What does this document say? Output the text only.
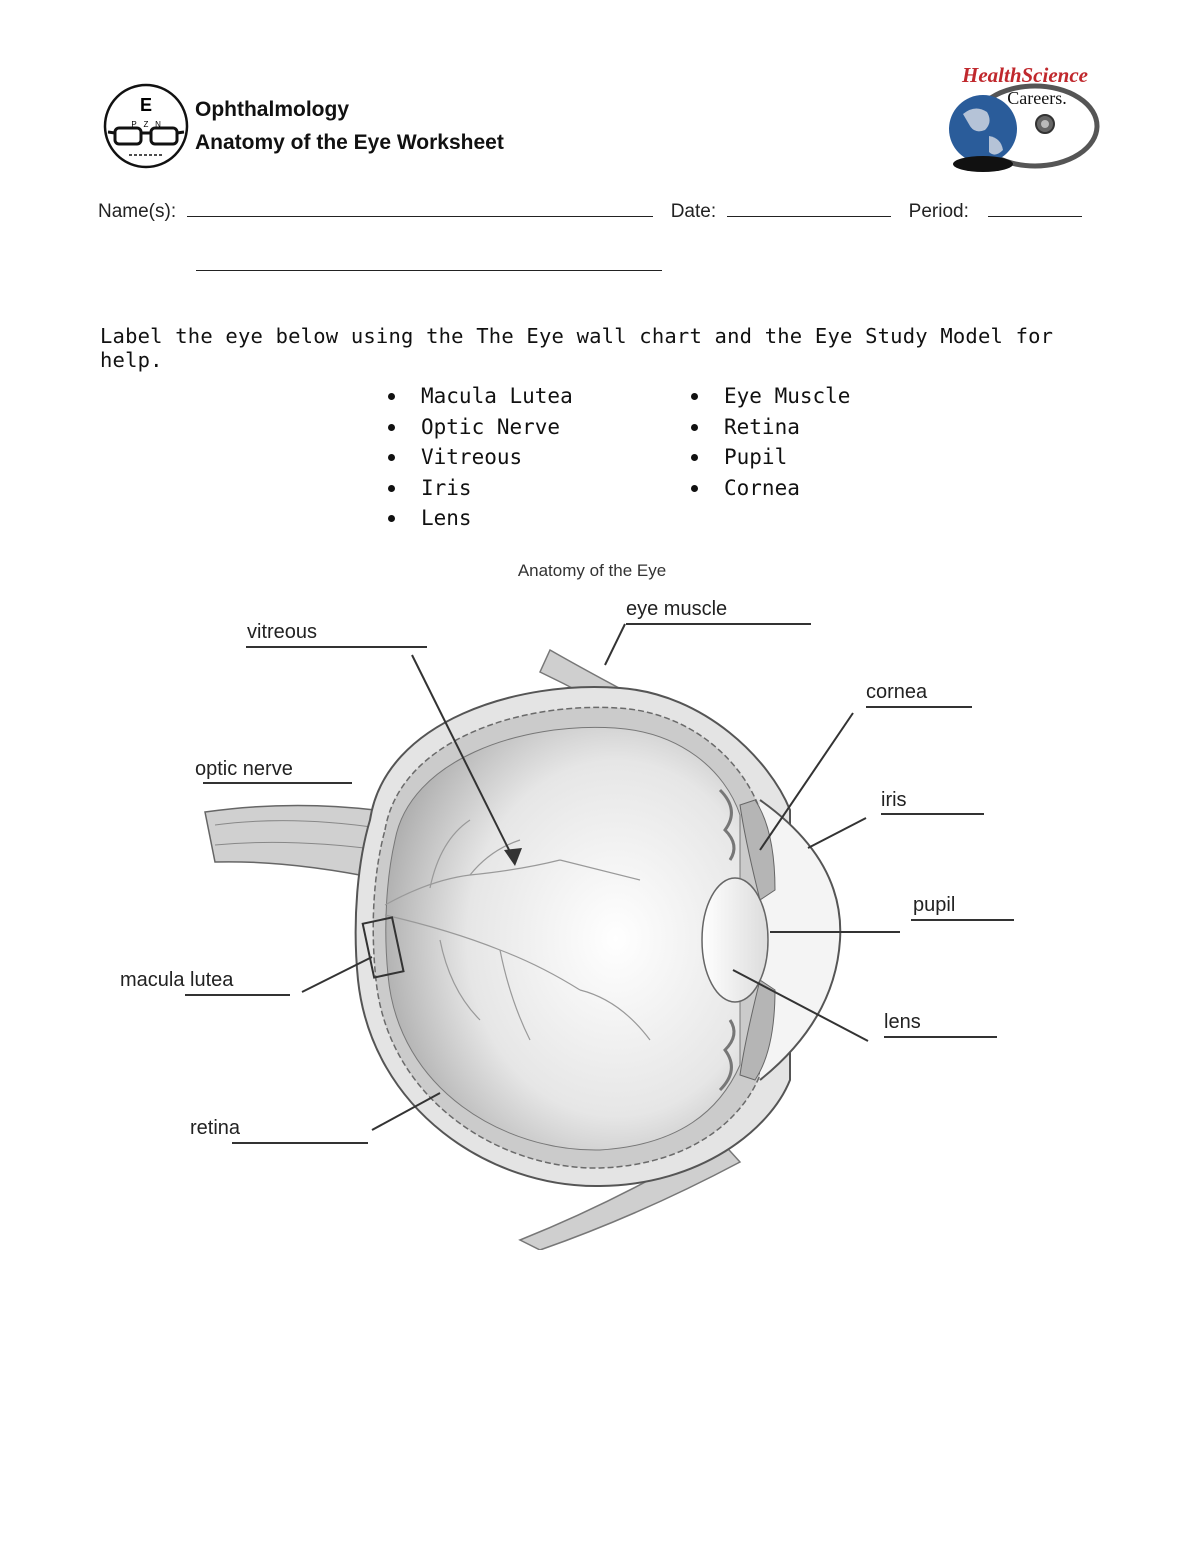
E
P Z N
Ophthalmology
Anatomy of the Eye Worksheet
HealthScience
Careers.
Name(s):	Date:	Period:
Label the eye below using the The Eye wall chart and the Eye Study Model for help.
Macula Lutea
Optic Nerve
Vitreous
Iris
Lens
Eye Muscle
Retina
Pupil
Cornea
Anatomy of the Eye
vitreous
eye muscle
cornea
optic nerve
iris
pupil
macula lutea
lens
retina
